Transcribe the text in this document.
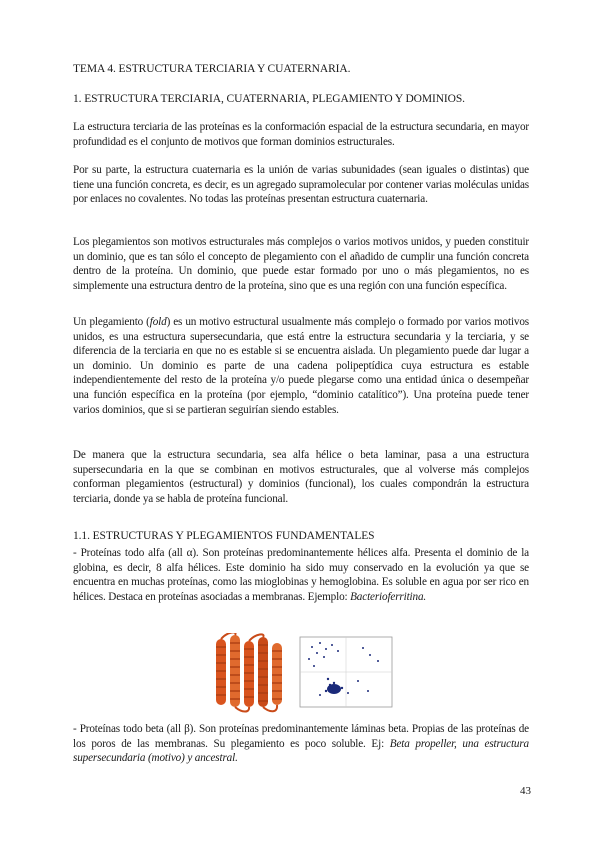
TEMA 4. ESTRUCTURA TERCIARIA Y CUATERNARIA.

1. ESTRUCTURA TERCIARIA, CUATERNARIA, PLEGAMIENTO Y DOMINIOS.

La estructura terciaria de las proteínas es la conformación espacial de la estructura secundaria, en mayor profundidad es el conjunto de motivos que forman dominios estructurales.

Por su parte, la estructura cuaternaria es la unión de varias subunidades (sean iguales o distintas) que tiene una función concreta, es decir, es un agregado supramolecular por contener varias moléculas unidas por enlaces no covalentes. No todas las proteínas presentan estructura cuaternaria.

Los plegamientos son motivos estructurales más complejos o varios motivos unidos, y pueden constituir un dominio, que es tan sólo el concepto de plegamiento con el añadido de cumplir una función concreta dentro de la proteína. Un dominio, que puede estar formado por uno o más plegamientos, no es simplemente una estructura dentro de la proteína, sino que es una región con una función específica.

Un plegamiento (fold) es un motivo estructural usualmente más complejo o formado por varios motivos unidos, es una estructura supersecundaria, que está entre la estructura secundaria y la terciaria, y se diferencia de la terciaria en que no es estable si se encuentra aislada. Un plegamiento puede dar lugar a un dominio. Un dominio es parte de una cadena polipeptídica cuya estructura es estable independientemente del resto de la proteína y/o puede plegarse como una entidad única o desempeñar una función específica en la proteína (por ejemplo, “dominio catalítico”). Una proteína puede tener varios dominios, que si se partieran seguirían siendo estables.

De manera que la estructura secundaria, sea alfa hélice o beta laminar, pasa a una estructura supersecundaria en la que se combinan en motivos estructurales, que al volverse más complejos conforman plegamientos (estructural) y dominios (funcional), los cuales compondrán la estructura terciaria, donde ya se habla de proteína funcional.

1.1. ESTRUCTURAS Y PLEGAMIENTOS FUNDAMENTALES

- Proteínas todo alfa (all α). Son proteínas predominantemente hélices alfa. Presenta el dominio de la globina, es decir, 8 alfa hélices. Este dominio ha sido muy conservado en la evolución ya que se encuentra en muchas proteínas, como las mioglobinas y hemoglobina. Es soluble en agua por ser rico en hélices. Destaca en proteínas asociadas a membranas. Ejemplo: Bacterioferritina.

- Proteínas todo beta (all β). Son proteínas predominantemente láminas beta. Propias de las proteínas de los poros de las membranas. Su plegamiento es poco soluble. Ej: Beta propeller, una estructura supersecundaria (motivo) y ancestral.

43
